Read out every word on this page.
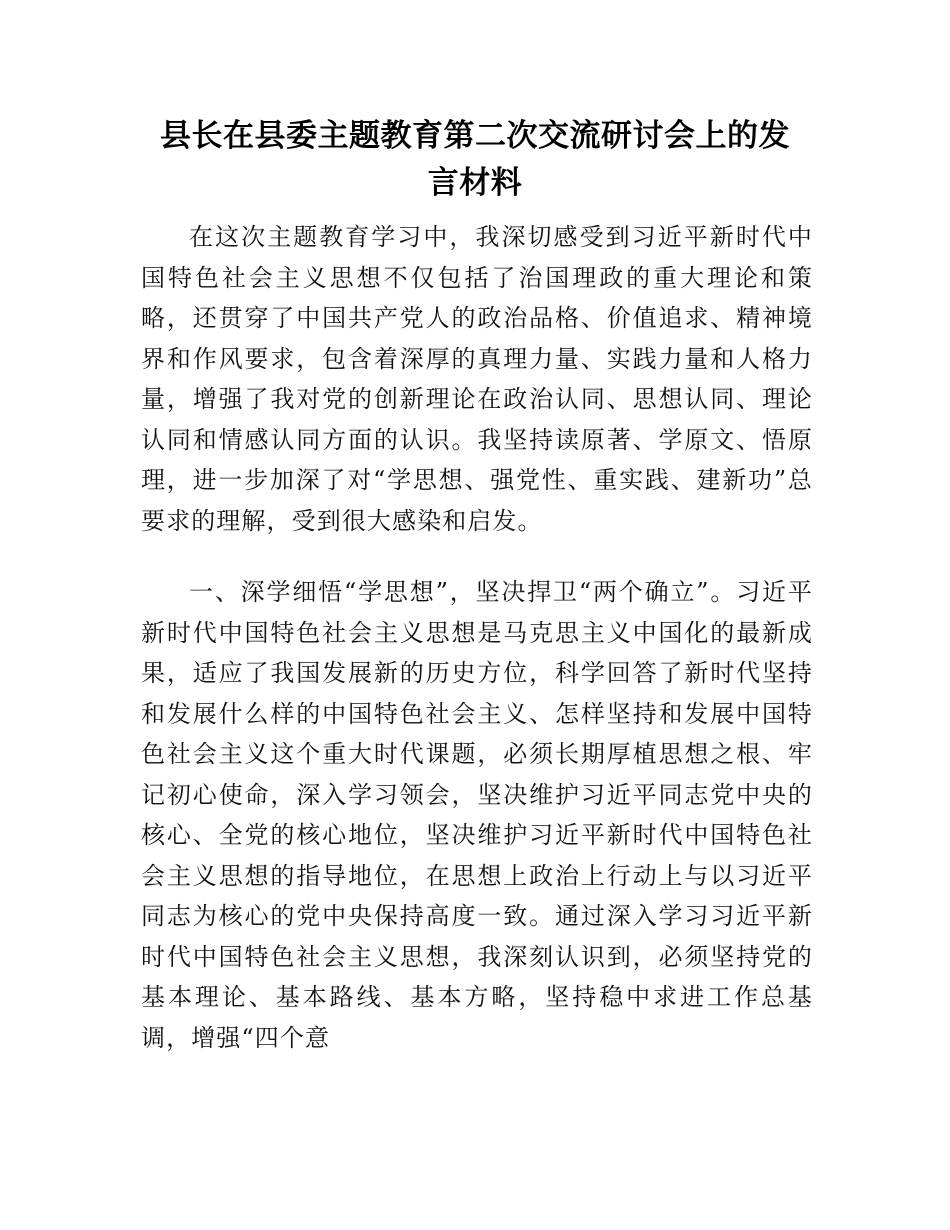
县长在县委主题教育第二次交流研讨会上的发
言材料

在这次主题教育学习中，我深切感受到习近平新时代中国特色社会主义思想不仅包括了治国理政的重大理论和策略，还贯穿了中国共产党人的政治品格、价值追求、精神境界和作风要求，包含着深厚的真理力量、实践力量和人格力量，增强了我对党的创新理论在政治认同、思想认同、理论认同和情感认同方面的认识。我坚持读原著、学原文、悟原理，进一步加深了对“学思想、强党性、重实践、建新功”总要求的理解，受到很大感染和启发。

一、深学细悟“学思想”，坚决捍卫“两个确立”。习近平新时代中国特色社会主义思想是马克思主义中国化的最新成果，适应了我国发展新的历史方位，科学回答了新时代坚持和发展什么样的中国特色社会主义、怎样坚持和发展中国特色社会主义这个重大时代课题，必须长期厚植思想之根、牢记初心使命，深入学习领会，坚决维护习近平同志党中央的核心、全党的核心地位，坚决维护习近平新时代中国特色社会主义思想的指导地位，在思想上政治上行动上与以习近平同志为核心的党中央保持高度一致。通过深入学习习近平新时代中国特色社会主义思想，我深刻认识到，必须坚持党的基本理论、基本路线、基本方略，坚持稳中求进工作总基调，增强“四个意
